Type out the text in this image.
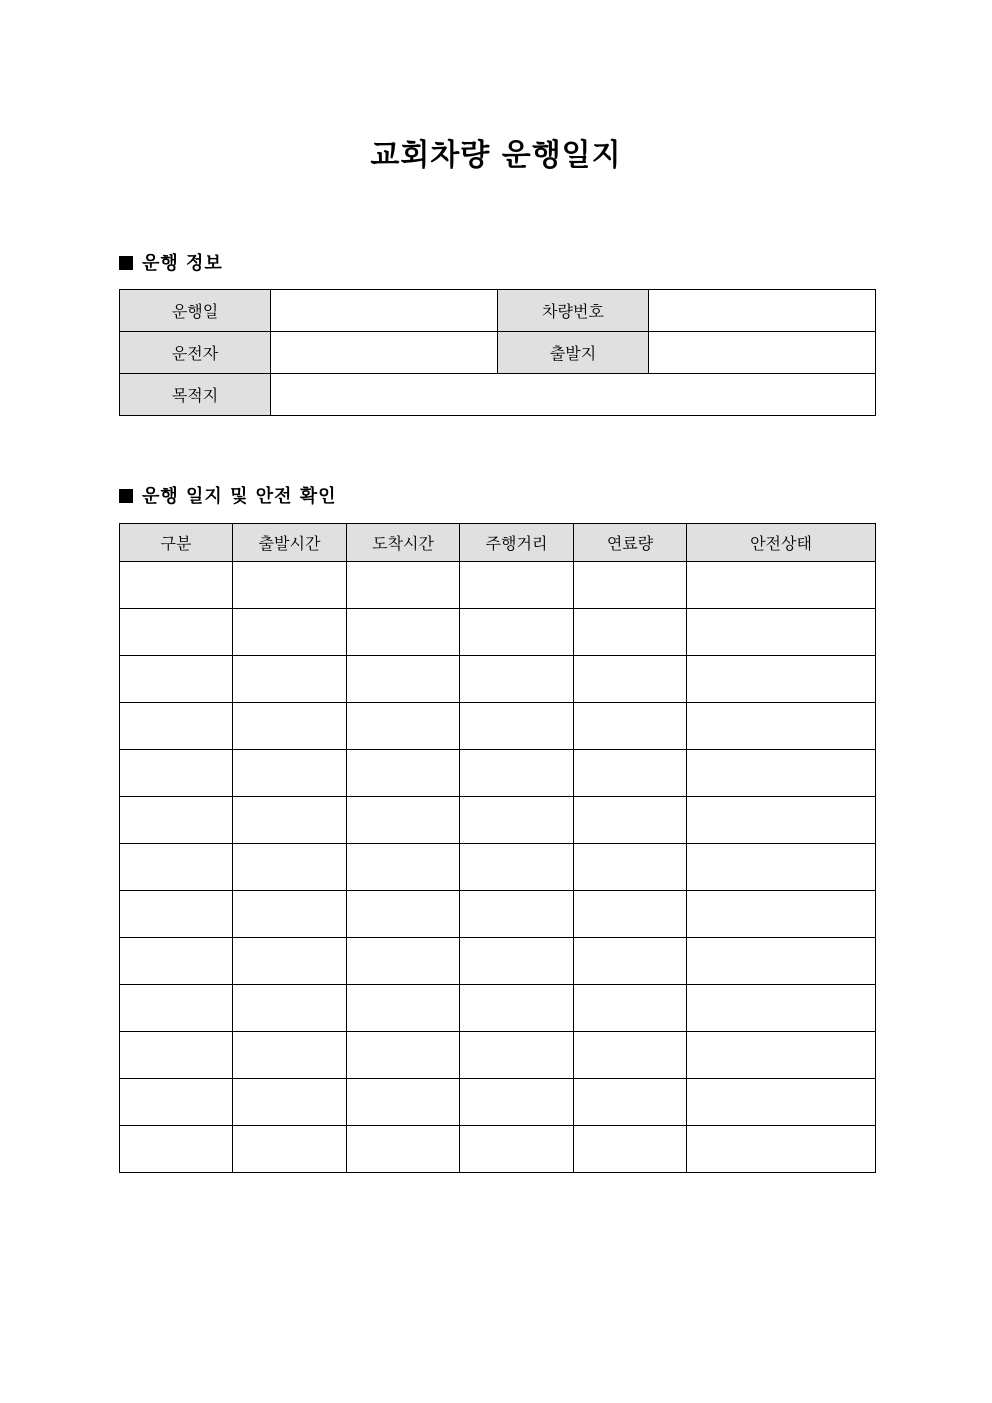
교회차량 운행일지
운행 정보
운행일		차량번호	
운전자		출발지	
목적지			
운행 일지 및 안전 확인
구분	출발시간	도착시간	주행거리	연료량	안전상태
